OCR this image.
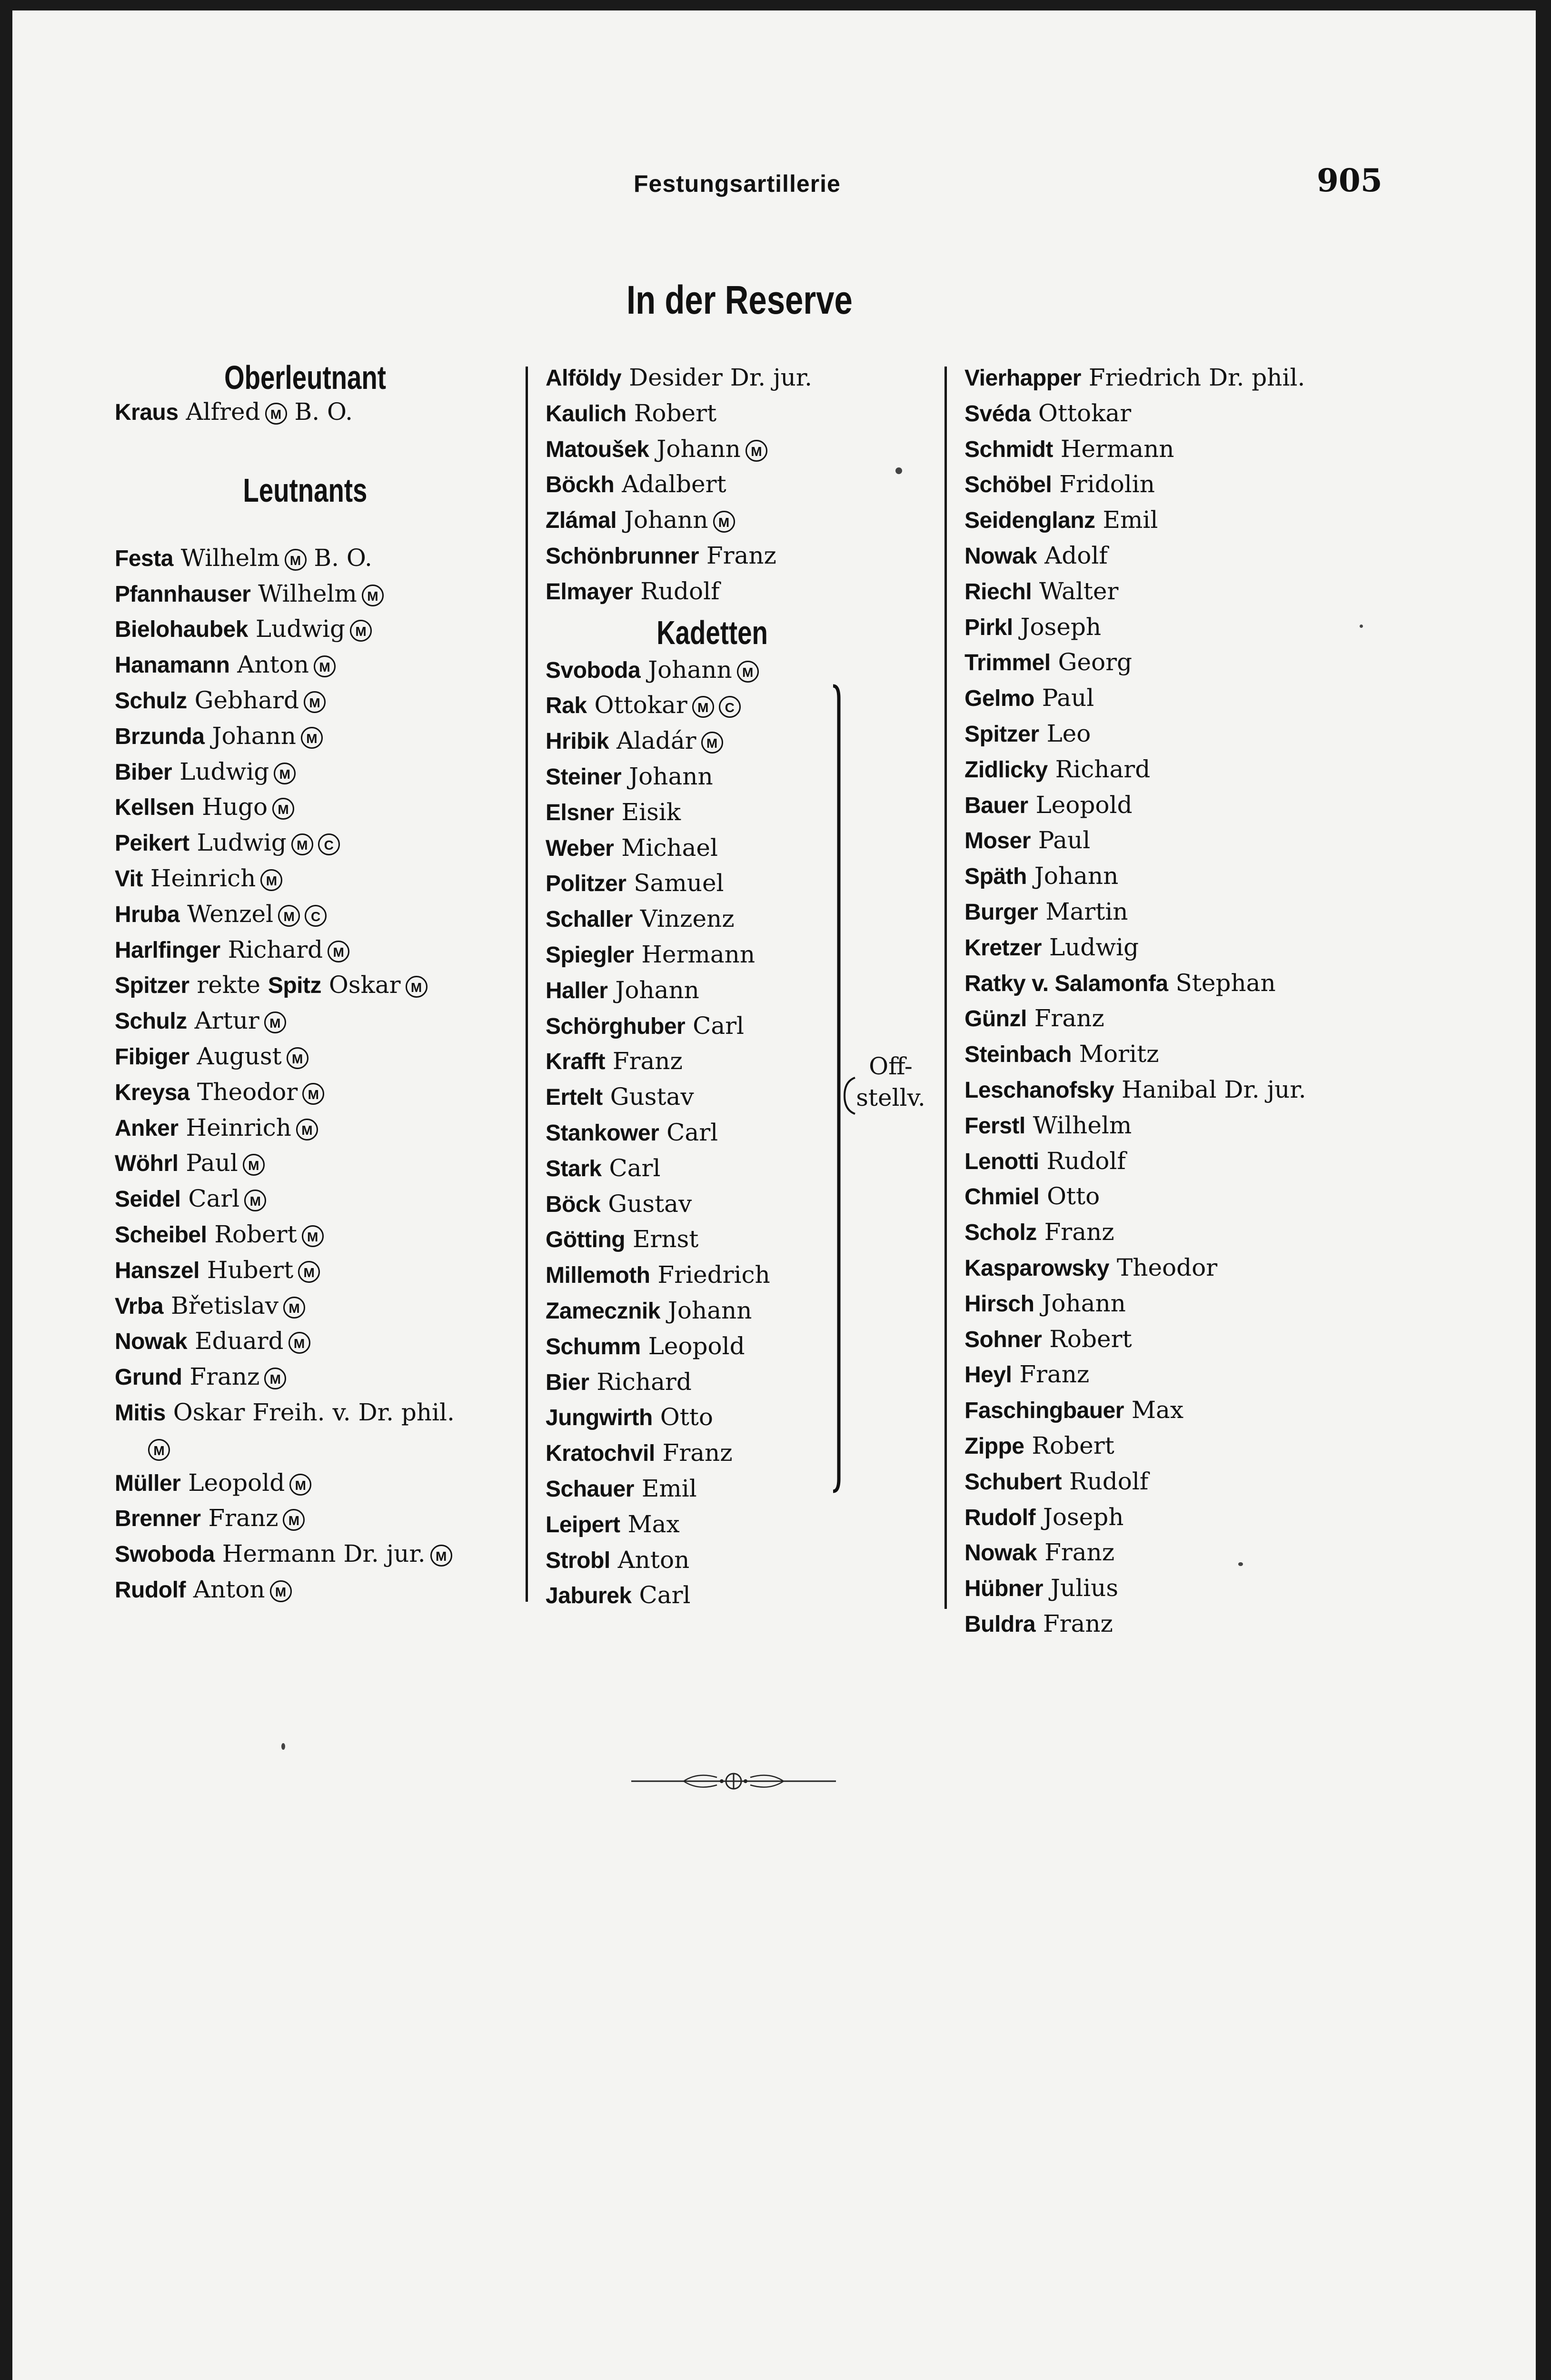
Festungsartillerie	905
In der Reserve
Oberleutnant
Kraus Alfred M B. O.
Leutnants
Festa Wilhelm M B. O.
Pfannhauser Wilhelm M
Bielohaubek Ludwig M
Hanamann Anton M
Schulz Gebhard M
Brzunda Johann M
Biber Ludwig M
Kellsen Hugo M
Peikert Ludwig M C
Vit Heinrich M
Hruba Wenzel M C
Harlfinger Richard M
Spitzer rekte Spitz Oskar M
Schulz Artur M
Fibiger August M
Kreysa Theodor M
Anker Heinrich M
Wöhrl Paul M
Seidel Carl M
Scheibel Robert M
Hanszel Hubert M
Vrba Břetislav M
Nowak Eduard M
Grund Franz M
Mitis Oskar Freih. v. Dr. phil.
M
Müller Leopold M
Brenner Franz M
Swoboda Hermann Dr. jur. M
Rudolf Anton M
Alföldy Desider Dr. jur.
Kaulich Robert
Matoušek Johann M
Böckh Adalbert
Zlámal Johann M
Schönbrunner Franz
Elmayer Rudolf
Kadetten
Svoboda Johann M
Rak Ottokar M C
Hribik Aladár M
Steiner Johann
Elsner Eisik
Weber Michael
Politzer Samuel
Schaller Vinzenz
Spiegler Hermann
Haller Johann
Schörghuber Carl
Krafft Franz
Ertelt Gustav
Stankower Carl
Stark Carl
Böck Gustav
Götting Ernst
Millemoth Friedrich
Zamecznik Johann
Schumm Leopold
Bier Richard
Jungwirth Otto
Kratochvil Franz
Schauer Emil
Leipert Max
Strobl Anton
Jaburek Carl
Off-
stellv.
Vierhapper Friedrich Dr. phil.
Svéda Ottokar
Schmidt Hermann
Schöbel Fridolin
Seidenglanz Emil
Nowak Adolf
Riechl Walter
Pirkl Joseph
Trimmel Georg
Gelmo Paul
Spitzer Leo
Zidlicky Richard
Bauer Leopold
Moser Paul
Späth Johann
Burger Martin
Kretzer Ludwig
Ratky v. Salamonfa Stephan
Günzl Franz
Steinbach Moritz
Leschanofsky Hanibal Dr. jur.
Ferstl Wilhelm
Lenotti Rudolf
Chmiel Otto
Scholz Franz
Kasparowsky Theodor
Hirsch Johann
Sohner Robert
Heyl Franz
Faschingbauer Max
Zippe Robert
Schubert Rudolf
Rudolf Joseph
Nowak Franz
Hübner Julius
Buldra Franz
